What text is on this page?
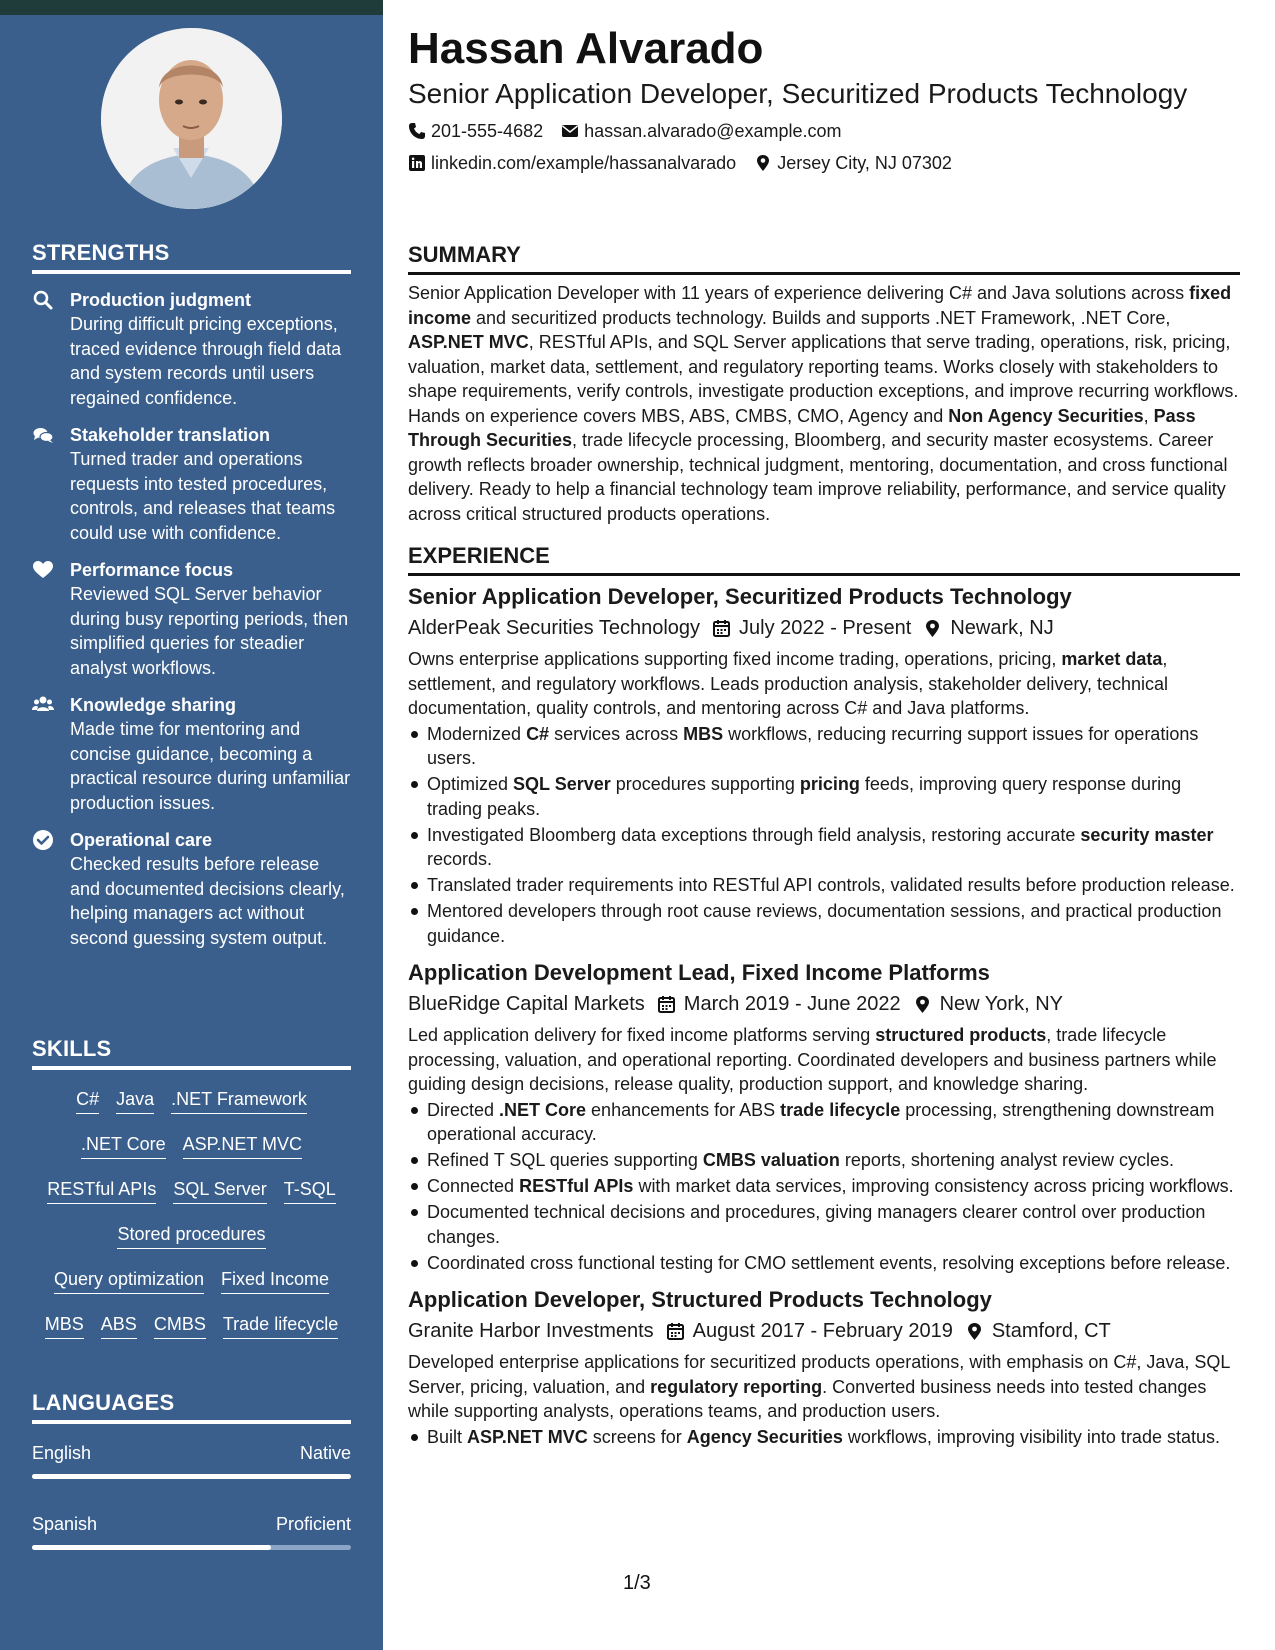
STRENGTHS
Production judgment
During difficult pricing exceptions, traced evidence through field data and system records until users regained confidence.
Stakeholder translation
Turned trader and operations requests into tested procedures, controls, and releases that teams could use with confidence.
Performance focus
Reviewed SQL Server behavior during busy reporting periods, then simplified queries for steadier analyst workflows.
Knowledge sharing
Made time for mentoring and concise guidance, becoming a practical resource during unfamiliar production issues.
Operational care
Checked results before release and documented decisions clearly, helping managers act without second guessing system output.
SKILLS
C# Java .NET Framework
.NET Core ASP.NET MVC
RESTful APIs SQL Server T-SQL
Stored procedures
Query optimization Fixed Income
MBS ABS CMBS Trade lifecycle
LANGUAGES
English	Native
Spanish	Proficient
Hassan Alvarado
Senior Application Developer, Securitized Products Technology
201-555-4682 hassan.alvarado@example.com
linkedin.com/example/hassanalvarado Jersey City, NJ 07302
SUMMARY
Senior Application Developer with 11 years of experience delivering C# and Java solutions across fixed income and securitized products technology. Builds and supports .NET Framework, .NET Core, ASP.NET MVC, RESTful APIs, and SQL Server applications that serve trading, operations, risk, pricing, valuation, market data, settlement, and regulatory reporting teams. Works closely with stakeholders to shape requirements, verify controls, investigate production exceptions, and improve recurring workflows. Hands on experience covers MBS, ABS, CMBS, CMO, Agency and Non Agency Securities, Pass Through Securities, trade lifecycle processing, Bloomberg, and security master ecosystems. Career growth reflects broader ownership, technical judgment, mentoring, documentation, and cross functional delivery. Ready to help a financial technology team improve reliability, performance, and service quality across critical structured products operations.
EXPERIENCE
Senior Application Developer, Securitized Products Technology
AlderPeak Securities Technology July 2022 - Present Newark, NJ
Owns enterprise applications supporting fixed income trading, operations, pricing, market data, settlement, and regulatory workflows. Leads production analysis, stakeholder delivery, technical documentation, quality controls, and mentoring across C# and Java platforms.
Modernized C# services across MBS workflows, reducing recurring support issues for operations users.
Optimized SQL Server procedures supporting pricing feeds, improving query response during trading peaks.
Investigated Bloomberg data exceptions through field analysis, restoring accurate security master records.
Translated trader requirements into RESTful API controls, validated results before production release.
Mentored developers through root cause reviews, documentation sessions, and practical production guidance.
Application Development Lead, Fixed Income Platforms
BlueRidge Capital Markets March 2019 - June 2022 New York, NY
Led application delivery for fixed income platforms serving structured products, trade lifecycle processing, valuation, and operational reporting. Coordinated developers and business partners while guiding design decisions, release quality, production support, and knowledge sharing.
Directed .NET Core enhancements for ABS trade lifecycle processing, strengthening downstream operational accuracy.
Refined T SQL queries supporting CMBS valuation reports, shortening analyst review cycles.
Connected RESTful APIs with market data services, improving consistency across pricing workflows.
Documented technical decisions and procedures, giving managers clearer control over production changes.
Coordinated cross functional testing for CMO settlement events, resolving exceptions before release.
Application Developer, Structured Products Technology
Granite Harbor Investments August 2017 - February 2019 Stamford, CT
Developed enterprise applications for securitized products operations, with emphasis on C#, Java, SQL Server, pricing, valuation, and regulatory reporting. Converted business needs into tested changes while supporting analysts, operations teams, and production users.
Built ASP.NET MVC screens for Agency Securities workflows, improving visibility into trade status.
1/3
